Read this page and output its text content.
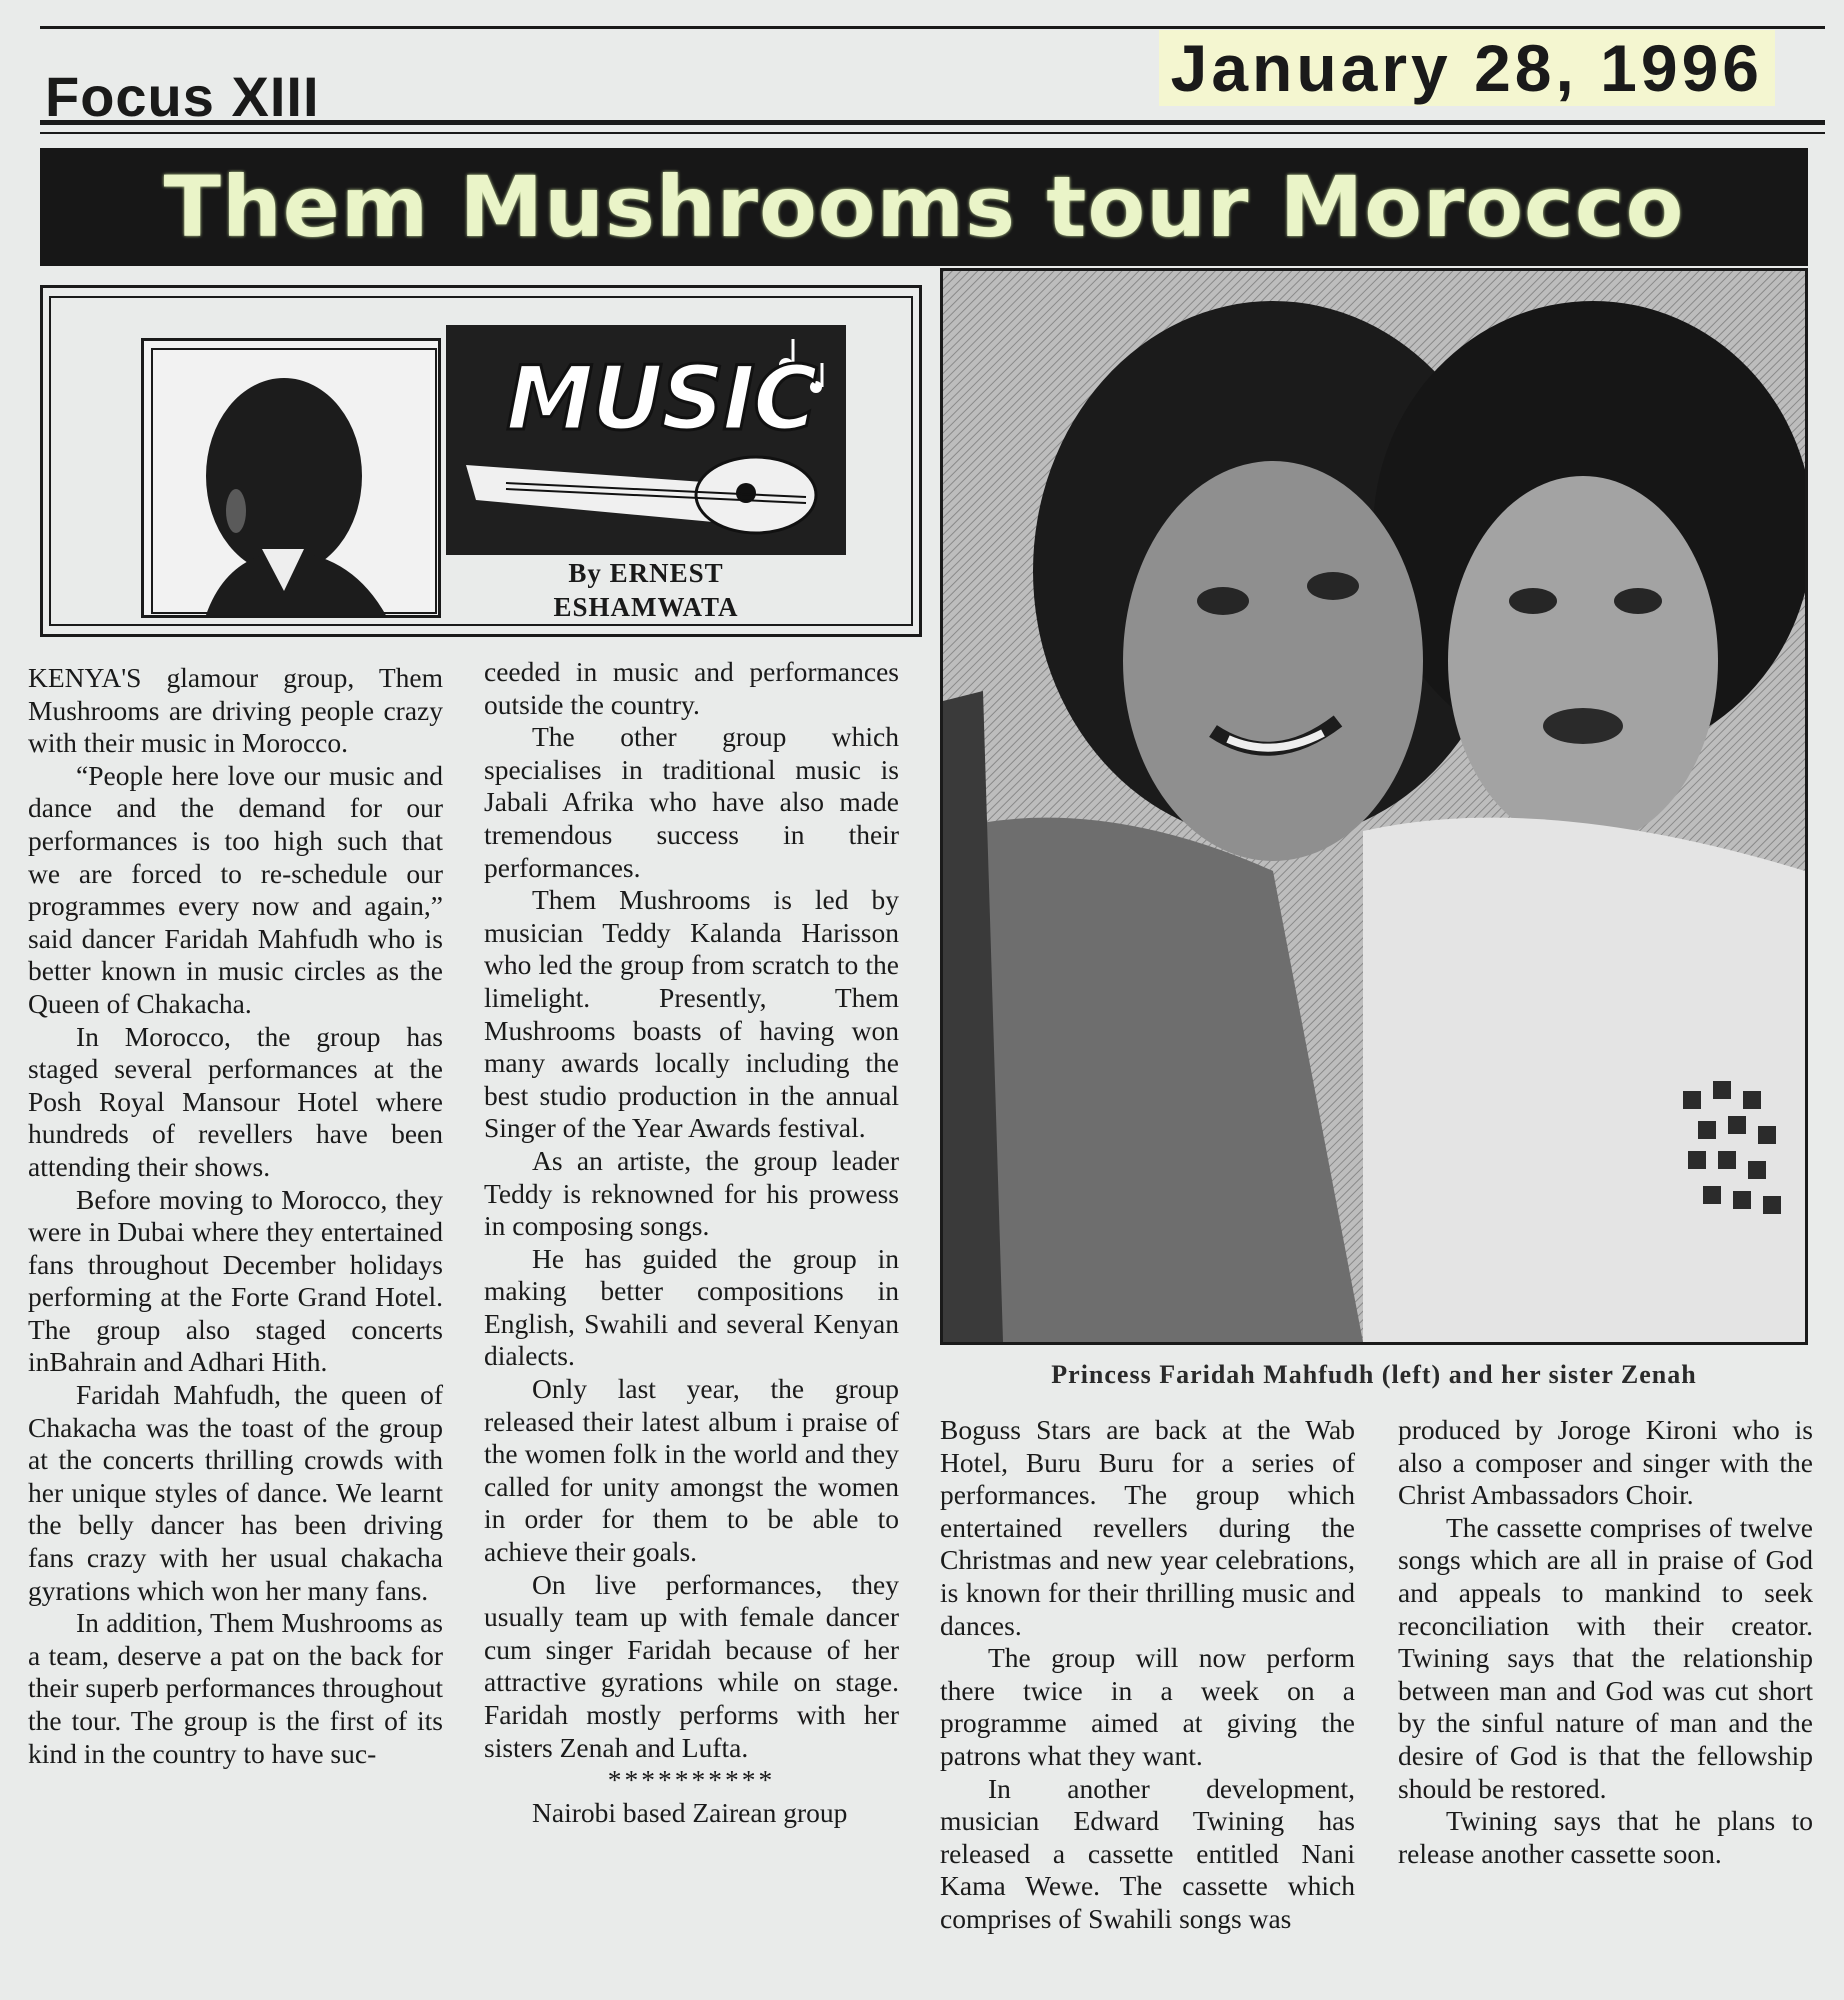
Focus XIII	January 28, 1996
Them Mushrooms tour Morocco
MUSIC
By ERNEST
ESHAMWATA
Princess Faridah Mahfudh (left) and her sister Zenah

KENYA'S glamour group, Them Mushrooms are driving people crazy with their music in Morocco.

“People here love our music and dance and the demand for our performances is too high such that we are forced to re-schedule our programmes every now and again,” said dancer Faridah Mahfudh who is better known in music circles as the Queen of Chakacha.

In Morocco, the group has staged several performances at the Posh Royal Mansour Hotel where hundreds of revellers have been attending their shows.

Before moving to Morocco, they were in Dubai where they entertained fans throughout December holidays performing at the Forte Grand Hotel. The group also staged concerts inBahrain and Adhari Hith.

Faridah Mahfudh, the queen of Chakacha was the toast of the group at the concerts thrilling crowds with her unique styles of dance. We learnt the belly dancer has been driving fans crazy with her usual chakacha gyrations which won her many fans.

In addition, Them Mushrooms as a team, deserve a pat on the back for their superb performances throughout the tour. The group is the first of its kind in the country to have suc-

ceeded in music and performances outside the country.

The other group which specialises in traditional music is Jabali Afrika who have also made tremendous success in their performances.

Them Mushrooms is led by musician Teddy Kalanda Harisson who led the group from scratch to the limelight. Presently, Them Mushrooms boasts of having won many awards locally including the best studio production in the annual Singer of the Year Awards festival.

As an artiste, the group leader Teddy is reknowned for his prowess in composing songs.

He has guided the group in making better compositions in English, Swahili and several Kenyan dialects.

Only last year, the group released their latest album i praise of the women folk in the world and they called for unity amongst the women in order for them to be able to achieve their goals.

On live performances, they usually team up with female dancer cum singer Faridah because of her attractive gyrations while on stage. Faridah mostly performs with her sisters Zenah and Lufta.

**********

Nairobi based Zairean group

Boguss Stars are back at the Wab Hotel, Buru Buru for a series of performances. The group which entertained revellers during the Christmas and new year celebrations, is known for their thrilling music and dances.

The group will now perform there twice in a week on a programme aimed at giving the patrons what they want.

In another development, musician Edward Twining has released a cassette entitled Nani Kama Wewe. The cassette which comprises of Swahili songs was

produced by Joroge Kironi who is also a composer and singer with the Christ Ambassadors Choir.

The cassette comprises of twelve songs which are all in praise of God and appeals to mankind to seek reconciliation with their creator. Twining says that the relationship between man and God was cut short by the sinful nature of man and the desire of God is that the fellowship should be restored.

Twining says that he plans to release another cassette soon.
